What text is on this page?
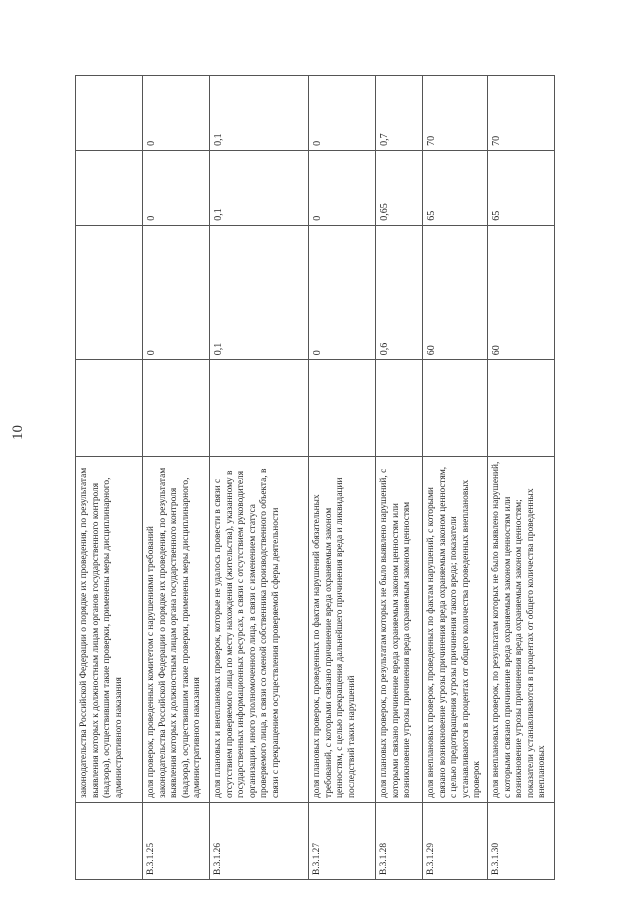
10
	законодательства Российской Федерации о порядке их проведения, по результатам выявления которых к должностным лицам органов государственного контроля (надзора), осуществившим такие проверки, применены меры дисциплинарного, административного наказания				
В.3.1.25	доля проверок, проведенных комитетом с нарушениями требований законодательства Российской Федерации о порядке их проведения, по результатам выявления которых к должностным лицам органа государственного контроля (надзора), осуществившим такие проверки, применены меры дисциплинарного, административного наказания		0	0	0
В.3.1.26	доля плановых и внеплановых проверок, которые не удалось провести в связи с отсутствием проверяемого лица по месту нахождения (жительства), указанному в государственных информационных ресурсах, в связи с отсутствием руководителя организации, иного уполномоченного лица, в связи с изменением статуса проверяемого лица, в связи со сменой собственника производственного объекта, в связи с прекращением осуществления проверяемой сферы деятельности		0,1	0,1	0,1
В.3.1.27	доля плановых проверок, проведенных по фактам нарушений обязательных требований, с которыми связано причинение вреда охраняемым законом ценностям, с целью прекращения дальнейшего причинения вреда и ликвидации последствий таких нарушений		0	0	0
В.3.1.28	доля плановых проверок, по результатам которых не было выявлено нарушений, с которыми связано причинение вреда охраняемым законом ценностям или возникновение угрозы причинения вреда охраняемым законом ценностям		0,6	0,65	0,7
В.3.1.29	доля внеплановых проверок, проведенных по фактам нарушений, с которыми связано возникновение угрозы причинения вреда охраняемым законом ценностям, с целью предотвращения угрозы причинения такого вреда; показатели устанавливаются в процентах от общего количества проведенных внеплановых проверок		60	65	70
В.3.1.30	доля внеплановых проверок, по результатам которых не было выявлено нарушений, с которыми связано причинение вреда охраняемым законом ценностям или возникновение угрозы причинения вреда охраняемым законом ценностям; показатели устанавливаются в процентах от общего количества проведенных внеплановых		60	65	70
